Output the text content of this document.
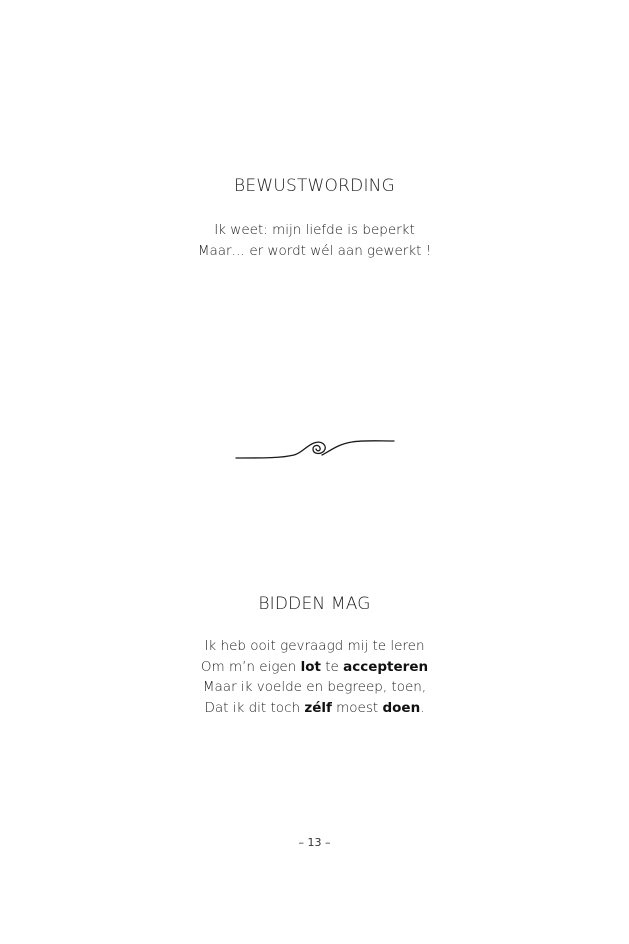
BEWUSTWORDING
Ik weet: mijn liefde is beperkt
Maar… er wordt wél aan gewerkt !
BIDDEN MAG
Ik heb ooit gevraagd mij te leren
Om m’n eigen lot te accepteren
Maar ik voelde en begreep, toen,
Dat ik dit toch zélf moest doen.
– 13 –
